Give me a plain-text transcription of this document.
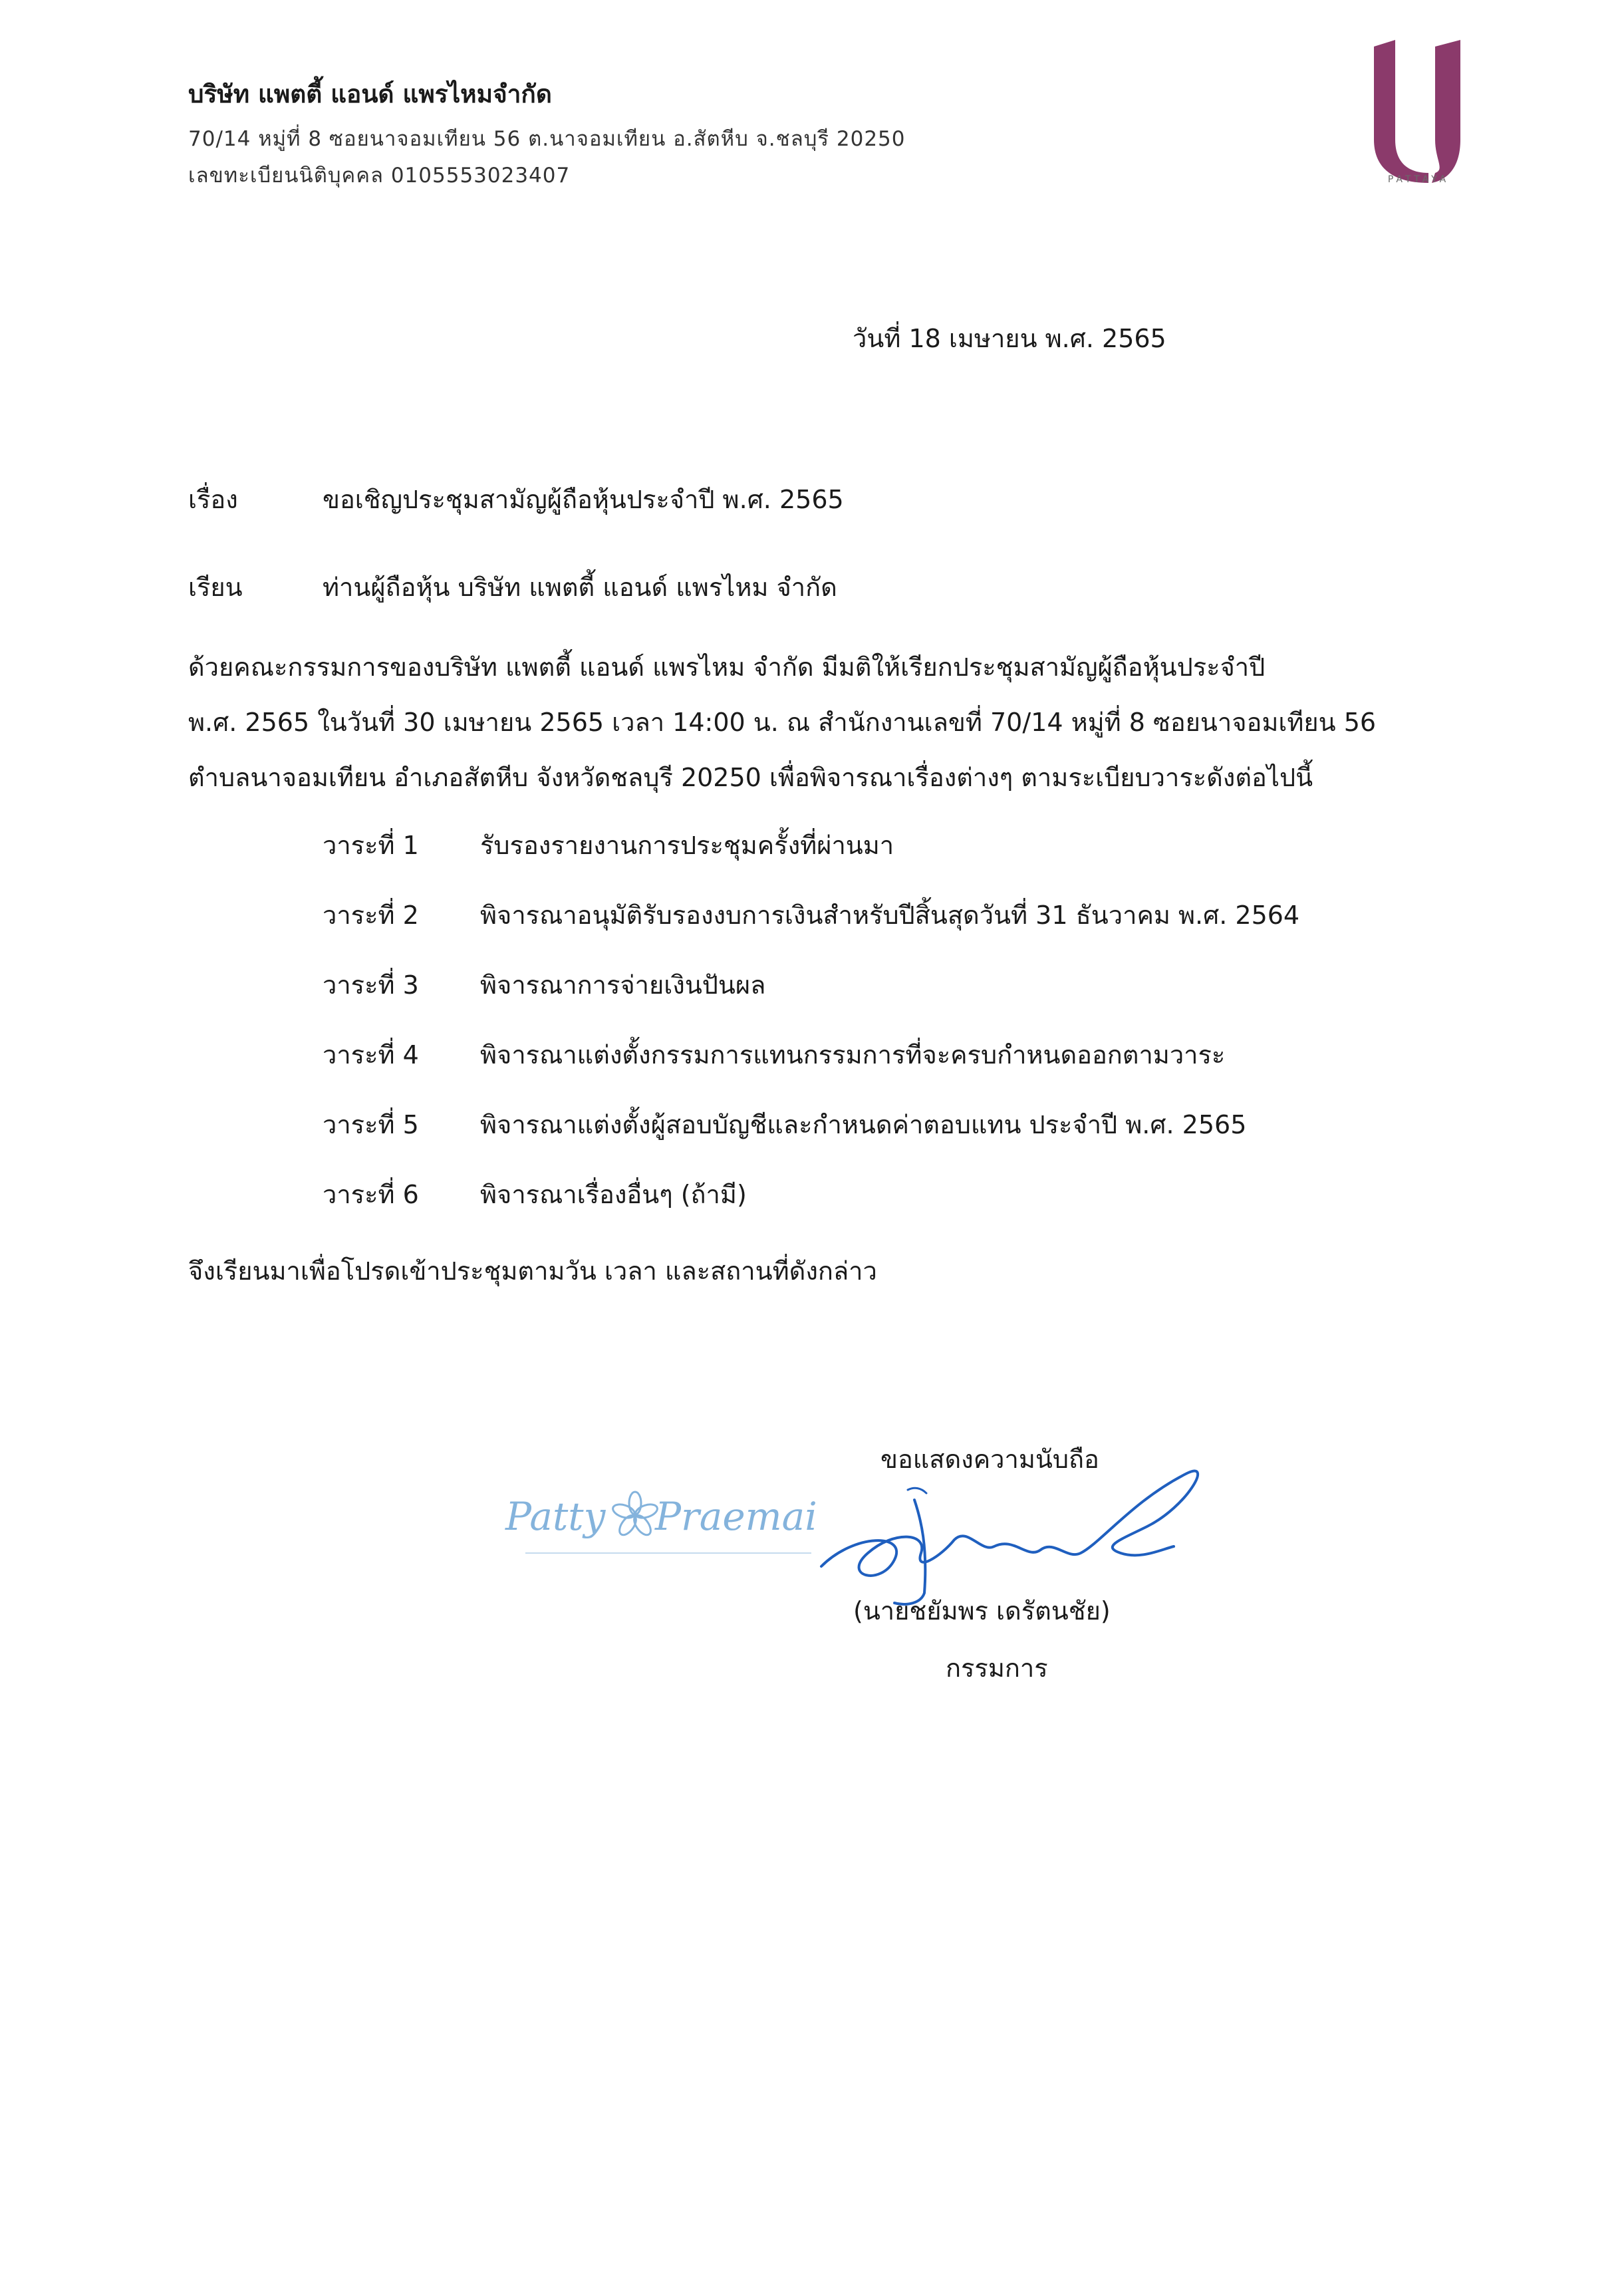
บริษัท แพตตี้ แอนด์ แพรไหมจำกัด
70/14 หมู่ที่ 8 ซอยนาจอมเทียน 56 ต.นาจอมเทียน อ.สัตหีบ จ.ชลบุรี 20250
เลขทะเบียนนิติบุคคล 0105553023407	PATTAYA
วันที่ 18 เมษายน พ.ศ. 2565
เรื่อง	ขอเชิญประชุมสามัญผู้ถือหุ้นประจำปี พ.ศ. 2565
เรียน	ท่านผู้ถือหุ้น บริษัท แพตตี้ แอนด์ แพรไหม จำกัด
ด้วยคณะกรรมการของบริษัท แพตตี้ แอนด์ แพรไหม จำกัด มีมติให้เรียกประชุมสามัญผู้ถือหุ้นประจำปี
พ.ศ. 2565 ในวันที่ 30 เมษายน 2565 เวลา 14:00 น. ณ สำนักงานเลขที่ 70/14 หมู่ที่ 8 ซอยนาจอมเทียน 56
ตำบลนาจอมเทียน อำเภอสัตหีบ จังหวัดชลบุรี 20250 เพื่อพิจารณาเรื่องต่างๆ ตามระเบียบวาระดังต่อไปนี้
วาระที่ 1 รับรองรายงานการประชุมครั้งที่ผ่านมา
วาระที่ 2 พิจารณาอนุมัติรับรองงบการเงินสำหรับปีสิ้นสุดวันที่ 31 ธันวาคม พ.ศ. 2564
วาระที่ 3 พิจารณาการจ่ายเงินปันผล
วาระที่ 4 พิจารณาแต่งตั้งกรรมการแทนกรรมการที่จะครบกำหนดออกตามวาระ
วาระที่ 5 พิจารณาแต่งตั้งผู้สอบบัญชีและกำหนดค่าตอบแทน ประจำปี พ.ศ. 2565
วาระที่ 6 พิจารณาเรื่องอื่นๆ (ถ้ามี)
จึงเรียนมาเพื่อโปรดเข้าประชุมตามวัน เวลา และสถานที่ดังกล่าว
ขอแสดงความนับถือ
Patty Praemai
(นายชยัมพร เดรัตนชัย)
กรรมการ
